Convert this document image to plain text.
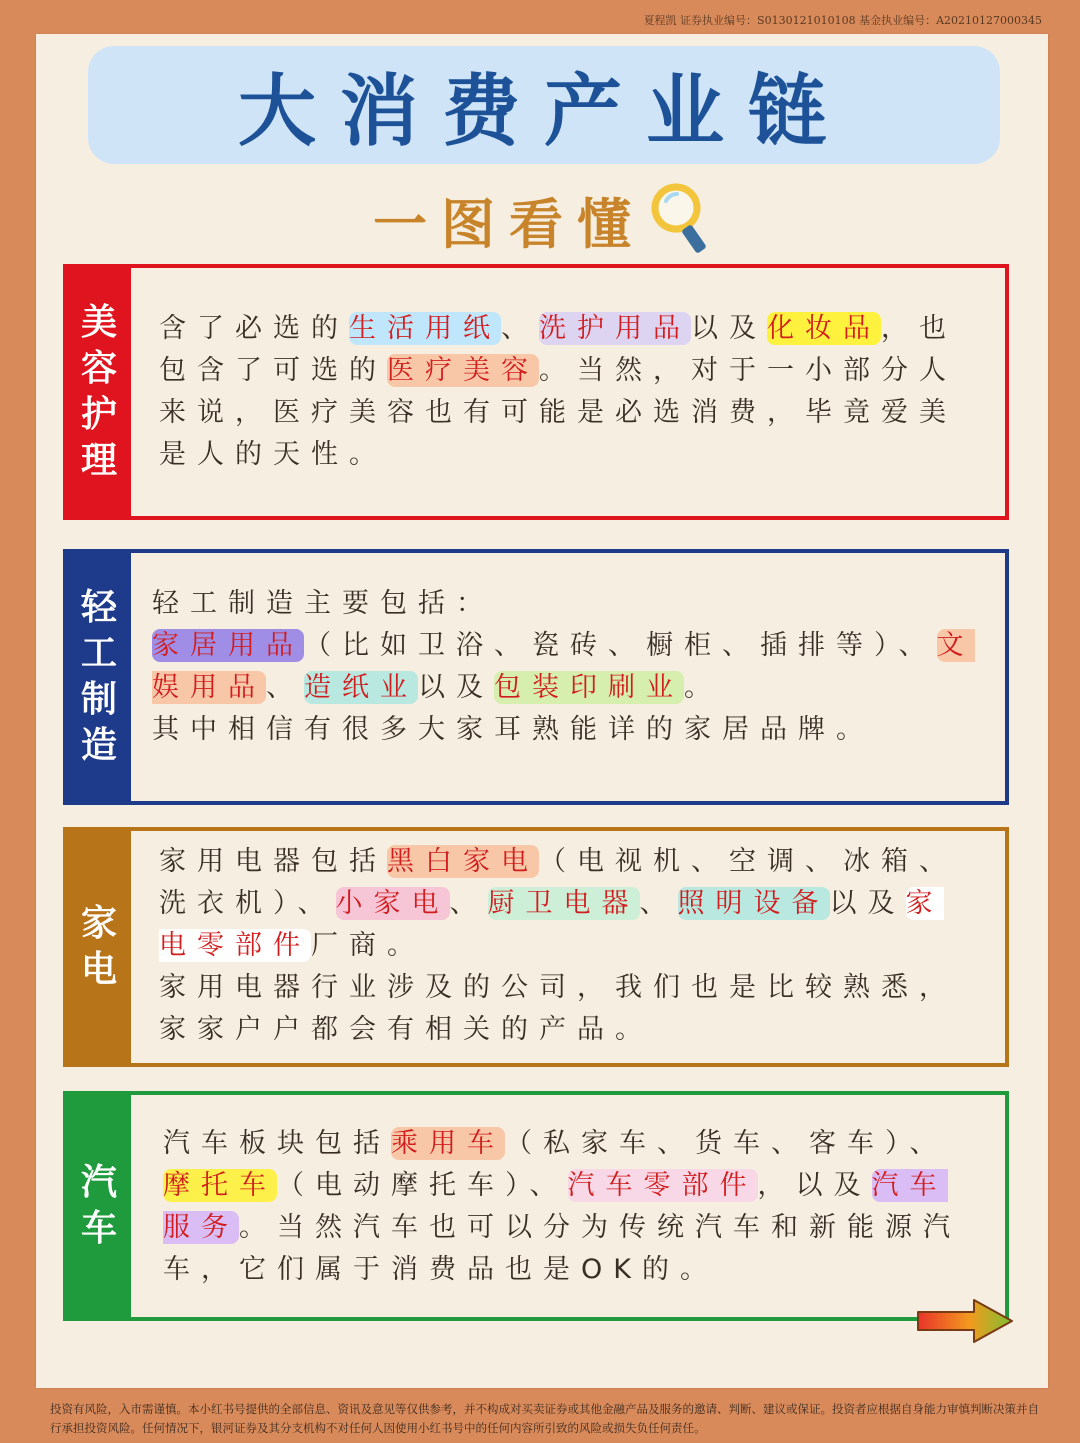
夏程凯 证券执业编号：S0130121010108 基金执业编号：A20210127000345
大消费产业链
一图看懂
美
容
护
理
含了必选的生活用纸、洗护用品以及化妆品，也包含了可选的医疗美容。当然，对于一小部分人来说，医疗美容也有可能是必选消费，毕竟爱美是人的天性。
轻
工
制
造
轻工制造主要包括：
家居用品（比如卫浴、瓷砖、橱柜、插排等）、文娱用品、造纸业以及包装印刷业。
其中相信有很多大家耳熟能详的家居品牌。
家
电
家用电器包括黑白家电（电视机、空调、冰箱、洗衣机）、小家电、厨卫电器、照明设备以及家电零部件厂商。
家用电器行业涉及的公司，我们也是比较熟悉，家家户户都会有相关的产品。
汽
车
汽车板块包括乘用车（私家车、货车、客车）、摩托车（电动摩托车）、汽车零部件，以及汽车服务。当然汽车也可以分为传统汽车和新能源汽车，它们属于消费品也是OK的。
投资有风险，入市需谨慎。本小红书号提供的全部信息、资讯及意见等仅供参考，并不构成对买卖证券或其他金融产品及服务的邀请、判断、建议或保证。投资者应根据自身能力审慎判断决策并自行承担投资风险。任何情况下，银河证券及其分支机构不对任何人因使用小红书号中的任何内容所引致的风险或损失负任何责任。
